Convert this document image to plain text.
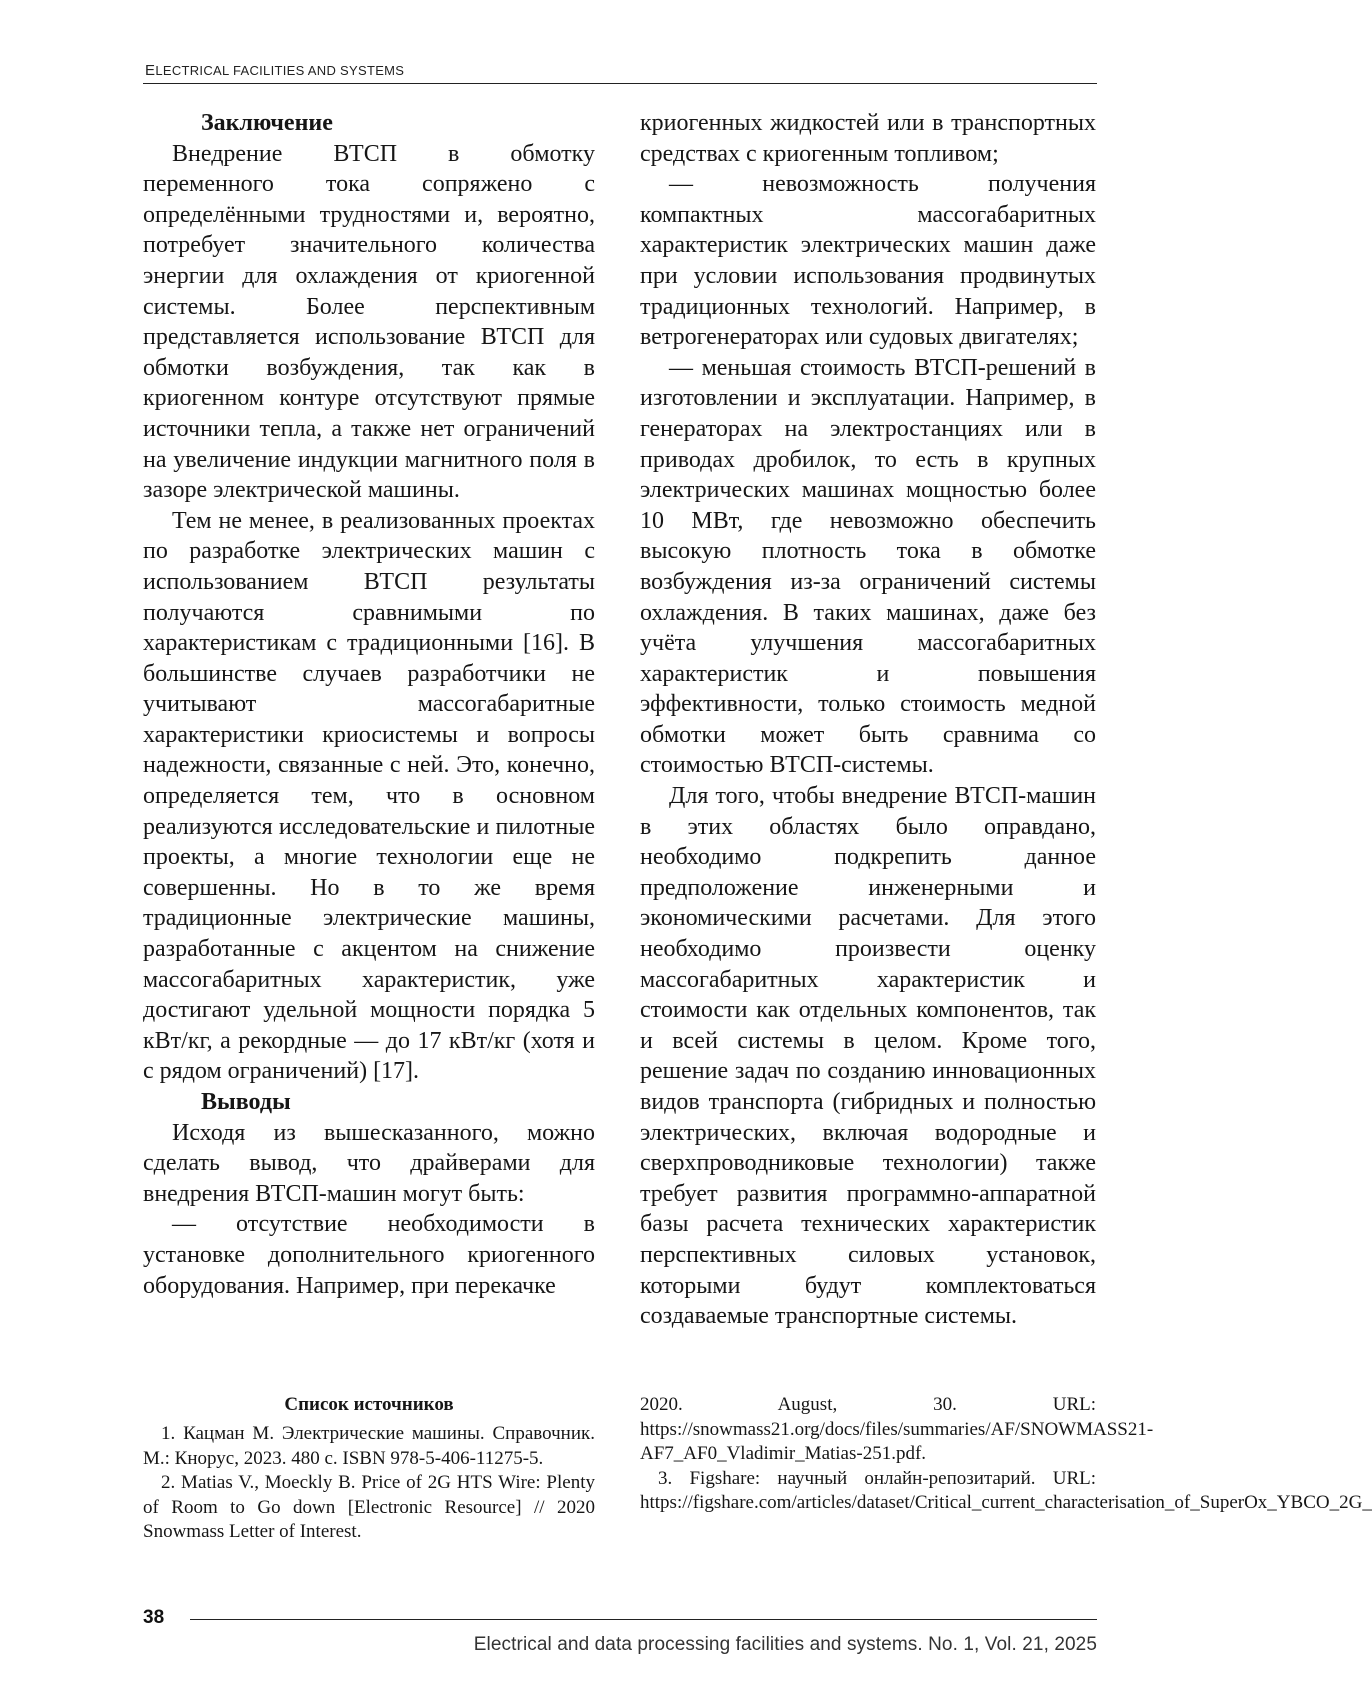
ELECTRICAL FACILITIES AND SYSTEMS

Заключение

Внедрение ВТСП в обмотку переменного тока сопряжено с определёнными трудностями и, вероятно, потребует значительного количества энергии для охлаждения от криогенной системы. Более перспективным представляется использование ВТСП для обмотки возбуждения, так как в криогенном контуре отсутствуют прямые источники тепла, а также нет ограничений на увеличение индукции магнитного поля в зазоре электрической машины.

Тем не менее, в реализованных проектах по разработке электрических машин с использованием ВТСП результаты получаются сравнимыми по характеристикам с традиционными [16]. В большинстве случаев разработчики не учитывают массогабаритные характеристики криосистемы и вопросы надежности, связанные с ней. Это, конечно, определяется тем, что в основном реализуются исследовательские и пилотные проекты, а многие технологии еще не совершенны. Но в то же время традиционные электрические машины, разработанные с акцентом на снижение массогабаритных характеристик, уже достигают удельной мощности порядка 5 кВт/кг, а рекордные — до 17 кВт/кг (хотя и с рядом ограничений) [17].

Выводы

Исходя из вышесказанного, можно сделать вывод, что драйверами для внедрения ВТСП-машин могут быть:

— отсутствие необходимости в установке дополнительного криогенного оборудования. Например, при перекачке

криогенных жидкостей или в транспортных средствах с криогенным топливом;

— невозможность получения компактных массогабаритных характеристик электрических машин даже при условии использования продвинутых традиционных технологий. Например, в ветрогенераторах или судовых двигателях;

— меньшая стоимость ВТСП-решений в изготовлении и эксплуатации. Например, в генераторах на электростанциях или в приводах дробилок, то есть в крупных электрических машинах мощностью более 10 МВт, где невозможно обеспечить высокую плотность тока в обмотке возбуждения из-за ограничений системы охлаждения. В таких машинах, даже без учёта улучшения массогабаритных характеристик и повышения эффективности, только стоимость медной обмотки может быть сравнима со стоимостью ВТСП-системы.

Для того, чтобы внедрение ВТСП-машин в этих областях было оправдано, необходимо подкрепить данное предположение инженерными и экономическими расчетами. Для этого необходимо произвести оценку массогабаритных характеристик и стоимости как отдельных компонентов, так и всей системы в целом. Кроме того, решение задач по созданию инновационных видов транспорта (гибридных и полностью электрических, включая водородные и сверхпроводниковые технологии) также требует развития программно-аппаратной базы расчета технических характеристик перспективных силовых установок, которыми будут комплектоваться создаваемые транспортные системы.

Список источников

1. Кацман М. Электрические машины. Справочник. М.: Кнорус, 2023. 480 с. ISBN 978-5-406-11275-5.

2. Matias V., Moeckly B. Price of 2G HTS Wire: Plenty of Room to Go down [Electronic Resource] // 2020 Snowmass Letter of Interest.

2020. August, 30. URL: https://snowmass21.org/docs/files/summaries/AF/SNOWMASS21-AF7_AF0_Vladimir_Matias-251.pdf.

3. Figshare: научный онлайн-репозитарий. URL: https://figshare.com/articles/dataset/Critical_current_characterisation_of_SuperOx_YBCO_2G_

38
Electrical and data processing facilities and systems. No. 1, Vol. 21, 2025
